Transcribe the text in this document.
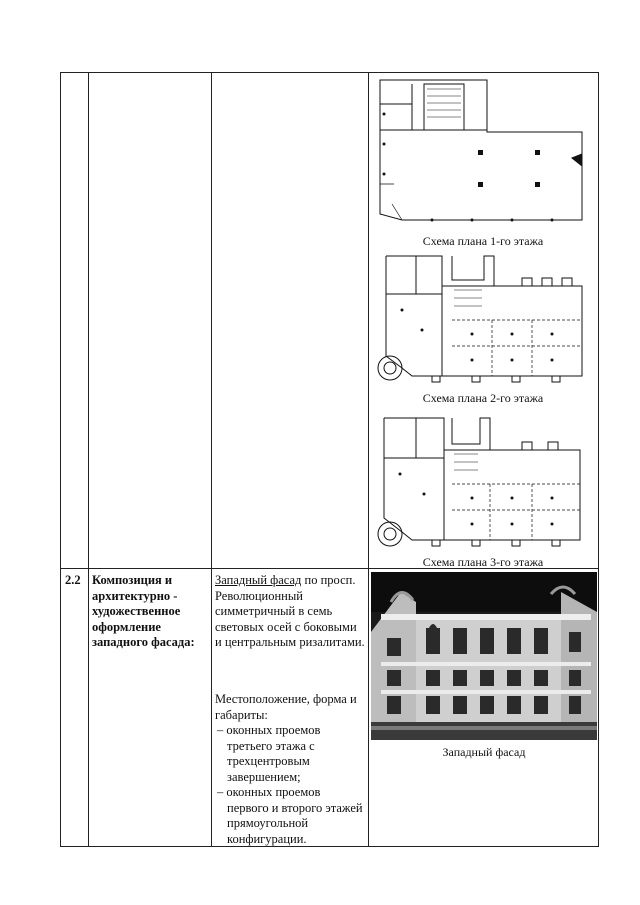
Схема плана 1-го этажа
Схема плана 2-го этажа
Схема плана 3-го этажа
2.2 Композиция и архитектурно - художественное оформление западного фасада:
Западный фасад по просп. Революционный симметричный в семь световых осей с боковыми и центральным ризалитами.
Местоположение, форма и габариты:
– оконных проемов третьего этажа с трехцентровым завершением;
– оконных проемов первого и второго этажей прямоугольной конфигурации.
Западный фасад
